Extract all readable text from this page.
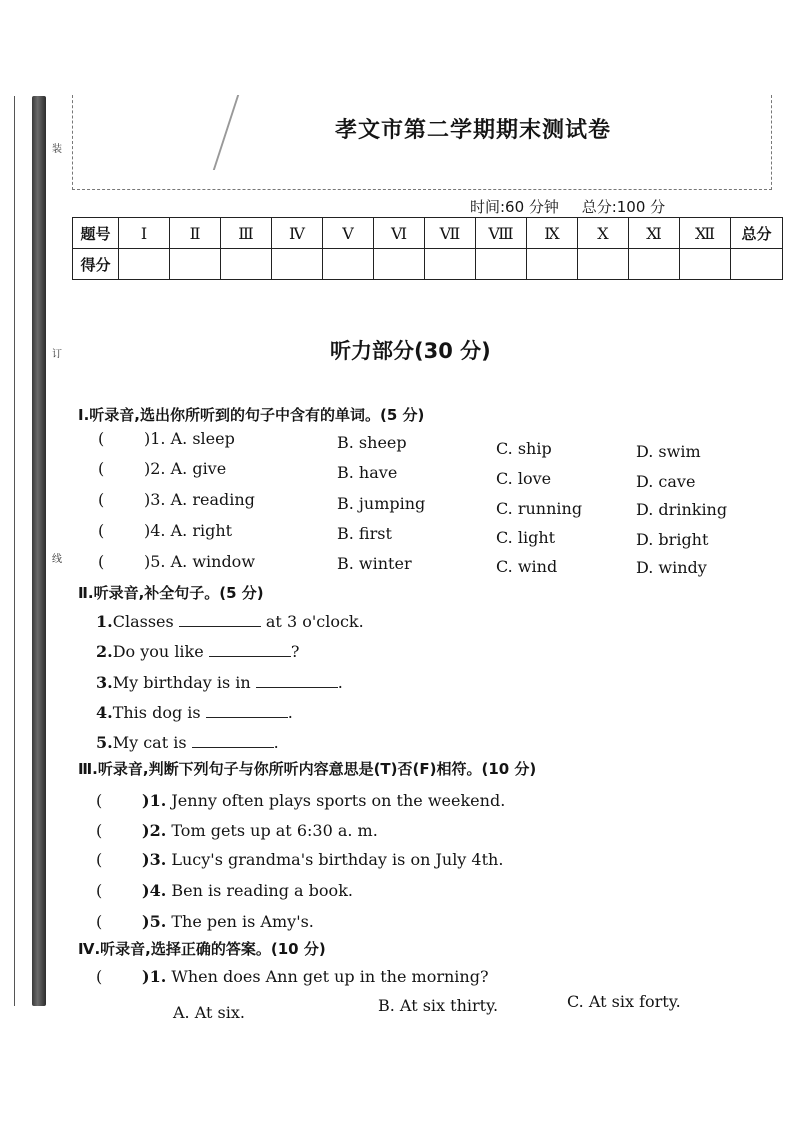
装
订
线
孝文市第二学期期末测试卷
时间:60 分钟 总分:100 分
题号	Ⅰ	Ⅱ	Ⅲ	Ⅳ	Ⅴ	Ⅵ	Ⅶ	Ⅷ	Ⅸ	Ⅹ	Ⅺ	Ⅻ	总分
得分													
听力部分(30 分)
Ⅰ.听录音,选出你所听到的句子中含有的单词。(5 分)
( )1. A. sleep	B. sheep	C. ship	D. swim
( )2. A. give	B. have	C. love	D. cave
( )3. A. reading	B. jumping	C. running	D. drinking
( )4. A. right	B. first	C. light	D. bright
( )5. A. window	B. winter	C. wind	D. windy
Ⅱ.听录音,补全句子。(5 分)
1.Classes	at 3 o'clock.
2.Do you like	?
3.My birthday is in	.
4.This dog is	.
5.My cat is	.
Ⅲ.听录音,判断下列句子与你所听内容意思是(T)否(F)相符。(10 分)
( )1. Jenny often plays sports on the weekend.
( )2. Tom gets up at 6:30 a. m.
( )3. Lucy's grandma's birthday is on July 4th.
( )4. Ben is reading a book.
( )5. The pen is Amy's.
Ⅳ.听录音,选择正确的答案。(10 分)
( )1. When does Ann get up in the morning?
A. At six.	B. At six thirty.	C. At six forty.
